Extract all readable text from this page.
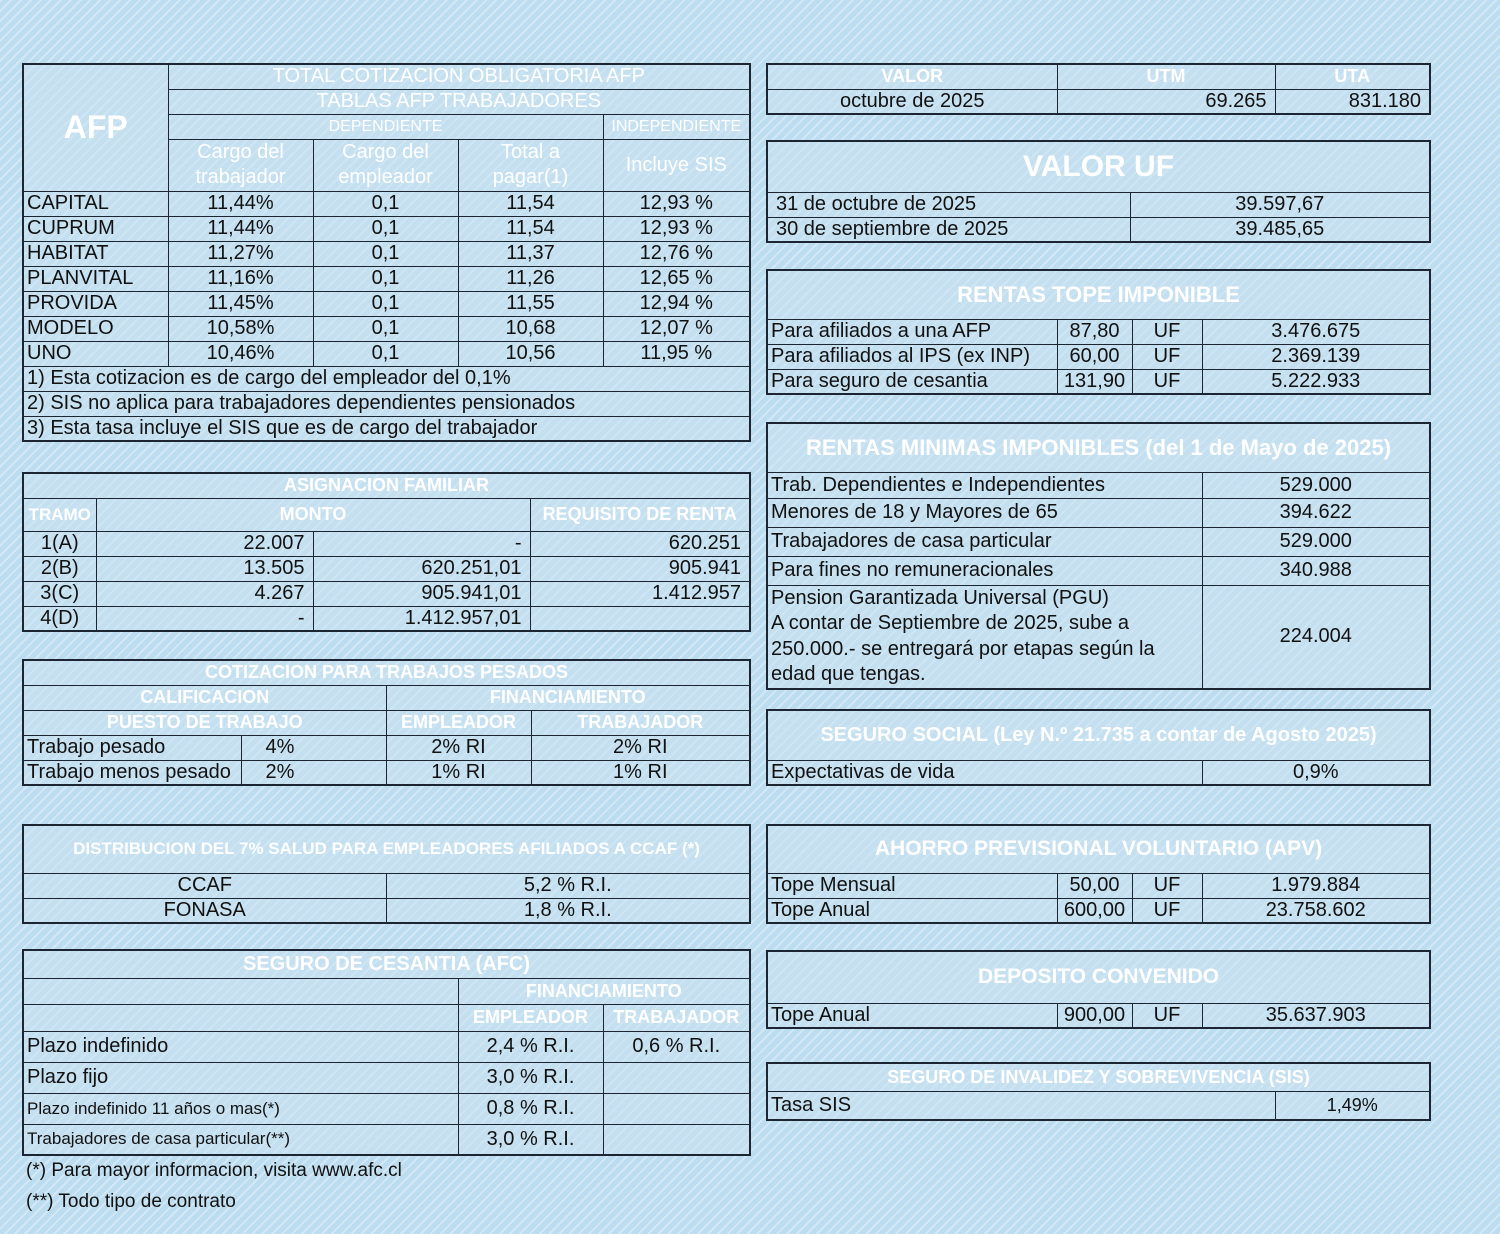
AFP	TOTAL COTIZACION OBLIGATORIA AFP			
	TABLAS AFP TRABAJADORES			
	DEPENDIENTE			INDEPENDIENTE
	Cargo del trabajador	Cargo del empleador	Total a pagar(1)	Incluye SIS
CAPITAL	11,44%	0,1	11,54	12,93 %
CUPRUM	11,44%	0,1	11,54	12,93 %
HABITAT	11,27%	0,1	11,37	12,76 %
PLANVITAL	11,16%	0,1	11,26	12,65 %
PROVIDA	11,45%	0,1	11,55	12,94 %
MODELO	10,58%	0,1	10,68	12,07 %
UNO	10,46%	0,1	10,56	11,95 %
1) Esta cotizacion es de cargo del empleador del 0,1%				
2) SIS no aplica para trabajadores dependientes pensionados				
3) Esta tasa incluye el SIS que es de cargo del trabajador				
VALOR	UTM	UTA
octubre de 2025	69.265	831.180
VALOR UF	
31 de octubre de 2025	39.597,67
30 de septiembre de 2025	39.485,65
RENTAS TOPE IMPONIBLE			
Para afiliados a una AFP	87,80	UF	3.476.675
Para afiliados al IPS (ex INP)	60,00	UF	2.369.139
Para seguro de cesantia	131,90	UF	5.222.933
RENTAS MINIMAS IMPONIBLES (del 1 de Mayo de 2025)	
Trab. Dependientes e Independientes	529.000
Menores de 18 y Mayores de 65	394.622
Trabajadores de casa particular	529.000
Para fines no remuneracionales	340.988

Pension Garantizada Universal (PGU)
A contar de Septiembre de 2025, sube a
250.000.- se entregará por etapas según la
edad que tengas.	224.004
ASIGNACION FAMILIAR			
TRAMO	MONTO		REQUISITO DE RENTA
1(A)	22.007	-	620.251
2(B)	13.505	620.251,01	905.941
3(C)	4.267	905.941,01	1.412.957
4(D)	-	1.412.957,01	
COTIZACION PARA TRABAJOS PESADOS			
CALIFICACION		FINANCIAMIENTO	
PUESTO DE TRABAJO		EMPLEADOR	TRABAJADOR
Trabajo pesado	4%	2% RI	2% RI
Trabajo menos pesado	2%	1% RI	1% RI
SEGURO SOCIAL (Ley N.º 21.735 a contar de Agosto 2025)
Expectativas de vida	0,9%
DISTRIBUCION DEL 7% SALUD PARA EMPLEADORES AFILIADOS A CCAF (*)	
CCAF	5,2 % R.I.
FONASA	1,8 % R.I.
AHORRO PREVISIONAL VOLUNTARIO (APV)			
Tope Mensual	50,00	UF	1.979.884
Tope Anual	600,00	UF	23.758.602
SEGURO DE CESANTIA (AFC)		
	FINANCIAMIENTO	
	EMPLEADOR	TRABAJADOR
Plazo indefinido	2,4 % R.I.	0,6 % R.I.
Plazo fijo	3,0 % R.I.	
Plazo indefinido 11 años o mas(*)	0,8 % R.I.	
Trabajadores de casa particular(**)	3,0 % R.I.	
(*) Para mayor informacion, visita www.afc.cl
(**) Todo tipo de contrato
DEPOSITO CONVENIDO
Tope Anual	900,00	UF	35.637.903
SEGURO DE INVALIDEZ Y SOBREVIVENCIA (SIS)
Tasa SIS	1,49%
